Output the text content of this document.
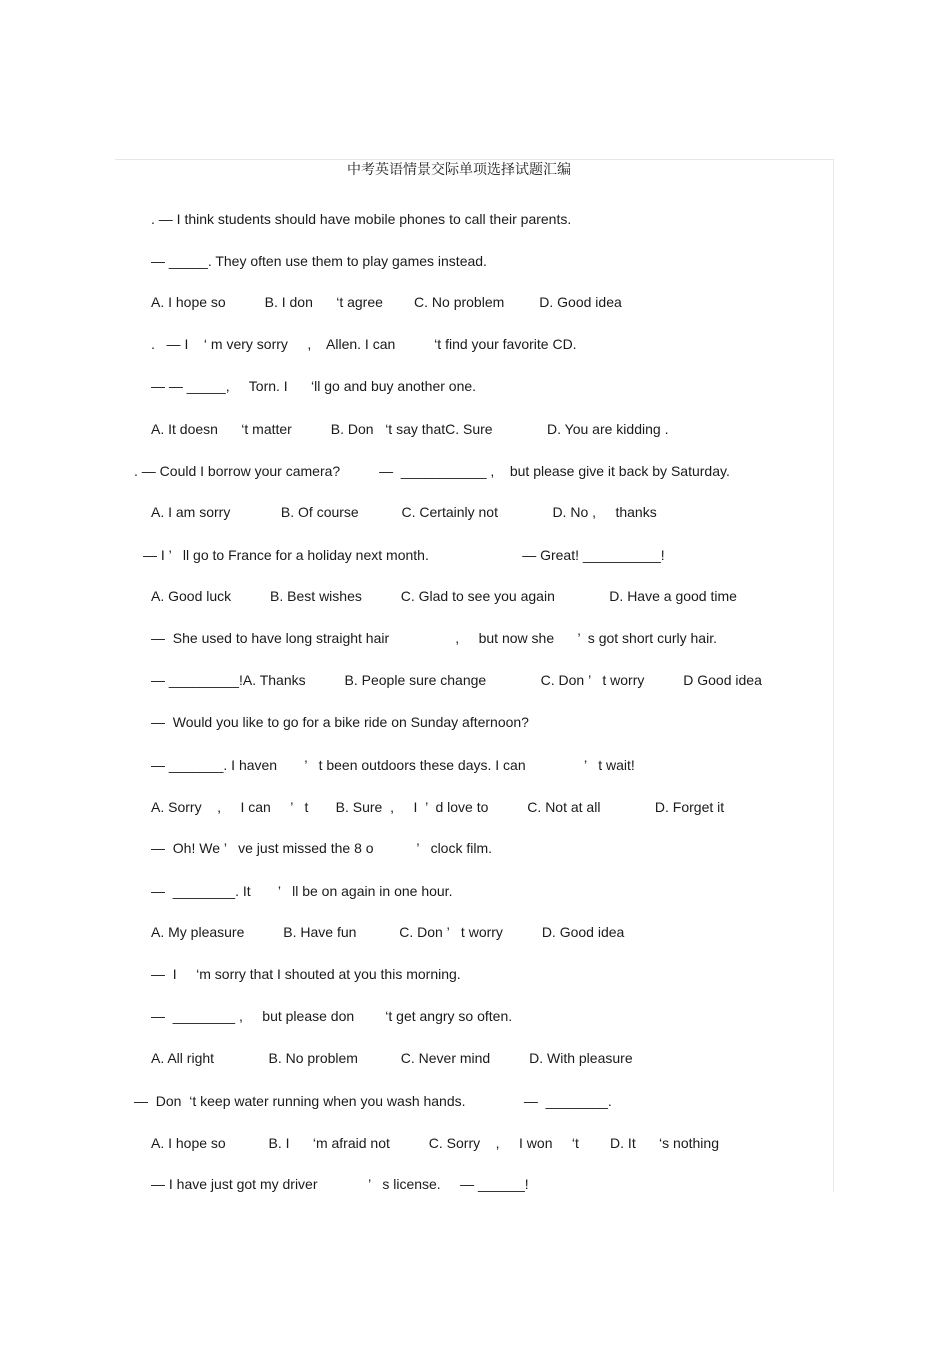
中考英语情景交际单项选择试题汇编
. — I think students should have mobile phones to call their parents.
— _____. They often use them to play games instead.
A. I hope so          B. I don      ‘t agree        C. No problem         D. Good idea
.   — I    ‘ m very sorry     ,    Allen. I can          ‘t find your favorite CD.
— — _____,     Torn. I      ‘ll go and buy another one.
A. It doesn      ‘t matter          B. Don   ‘t say thatC. Sure              D. You are kidding .
. — Could I borrow your camera?          —  ___________ ,    but please give it back by Saturday.
A. I am sorry             B. Of course           C. Certainly not              D. No ,     thanks
— I ’   ll go to France for a holiday next month.                        — Great! __________!
A. Good luck          B. Best wishes          C. Glad to see you again              D. Have a good time
—  She used to have long straight hair                 ,     but now she      ’  s got short curly hair.
— _________!A. Thanks          B. People sure change              C. Don ’   t worry          D Good idea
—  Would you like to go for a bike ride on Sunday afternoon?
— _______. I haven       ’   t been outdoors these days. I can               ’   t wait!
A. Sorry    ,     I can     ’   t       B. Sure  ,     I  ’  d love to          C. Not at all              D. Forget it
—  Oh! We ’   ve just missed the 8 o           ’   clock film.
—  ________. It       ’   ll be on again in one hour.
A. My pleasure          B. Have fun           C. Don ’   t worry          D. Good idea
—  I     ‘m sorry that I shouted at you this morning.
—  ________ ,     but please don        ‘t get angry so often.
A. All right              B. No problem           C. Never mind          D. With pleasure
—  Don  ‘t keep water running when you wash hands.               —  ________.
A. I hope so           B. I      ‘m afraid not          C. Sorry    ,     I won     ‘t        D. It      ‘s nothing
— I have just got my driver             ’   s license.     — ______!
